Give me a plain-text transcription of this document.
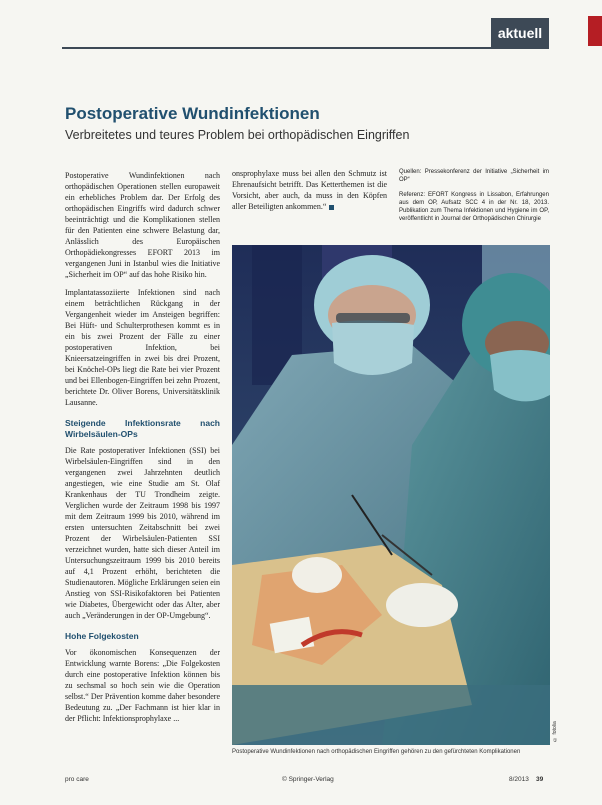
aktuell
Postoperative Wundinfektionen
Verbreitetes und teures Problem bei orthopädischen Eingriffen

Postoperative Wundinfektionen nach orthopädischen Operationen stellen europaweit ein erhebliches Problem dar. Der Erfolg des orthopädischen Eingriffs wird dadurch schwer beeinträchtigt und die Komplikationen stellen für den Patienten eine schwere Belastung dar, Anlässlich des Europäischen Orthopädiekongresses EFORT 2013 im vergangenen Juni in Istanbul wies die Initiative „Sicherheit im OP“ auf das hohe Risiko hin.

Implantatassoziierte Infektionen sind nach einem beträchtlichen Rückgang in der Vergangenheit wieder im Ansteigen begriffen: Bei Hüft- und Schulterprothesen kommt es in ein bis zwei Prozent der Fälle zu einer postoperativen Infektion, bei Knieersatzeingriffen in zwei bis drei Prozent, bei Knöchel-OPs liegt die Rate bei vier Prozent und bei Ellenbogen-Eingriffen bei zehn Prozent, berichtete Dr. Oliver Borens, Universitätsklinik Lausanne.

Steigende Infektionsrate nach Wirbelsäulen-OPs

Die Rate postoperativer Infektionen (SSI) bei Wirbelsäulen-Eingriffen sind in den vergangenen zwei Jahrzehnten deutlich angestiegen, wie eine Studie am St. Olaf Krankenhaus der TU Trondheim zeigte. Verglichen wurde der Zeitraum 1998 bis 1997 mit dem Zeitraum 1999 bis 2010, während im ersten untersuchten Zeitabschnitt bei zwei Prozent der Wirbelsäulen-Patienten SSI verzeichnet wurden, hatte sich dieser Anteil im Untersuchungszeitraum 1999 bis 2010 bereits auf 4,1 Prozent erhöht, berichteten die Studienautoren. Mögliche Erklärungen seien ein Anstieg von SSI-Risikofaktoren bei Patienten wie Diabetes, Übergewicht oder das Alter, aber auch „Veränderungen in der OP-Umgebung“.

Hohe Folgekosten

Vor ökonomischen Konsequenzen der Entwicklung warnte Borens: „Die Folgekosten durch eine postoperative Infektion können bis zu sechsmal so hoch sein wie die Operation selbst.“ Der Prävention komme daher besondere Bedeutung zu. „Der Fachmann ist hier klar in der Pflicht: Infektionsprophylaxe ...

onsprophylaxe muss bei allen den Schmutz ist Ehrenaufsicht betrifft. Das Ketterthemen ist die Vorsicht, aber auch, da muss in den Köpfen aller Beteiligten ankommen.“

Quellen: Pressekonferenz der Initiative „Sicherheit im OP“

Referenz: EFORT Kongress in Lissabon, Erfahrungen aus dem OP, Aufsatz SCC 4 in der Nr. 18, 2013. Publikation zum Thema Infektionen und Hygiene im OP, veröffentlicht in Journal der Orthopädischen Chirurgie

© fotolia
Postoperative Wundinfektionen nach orthopädischen Eingriffen gehören zu den gefürchteten Komplikationen
pro care	© Springer-Verlag	8/2013 39
